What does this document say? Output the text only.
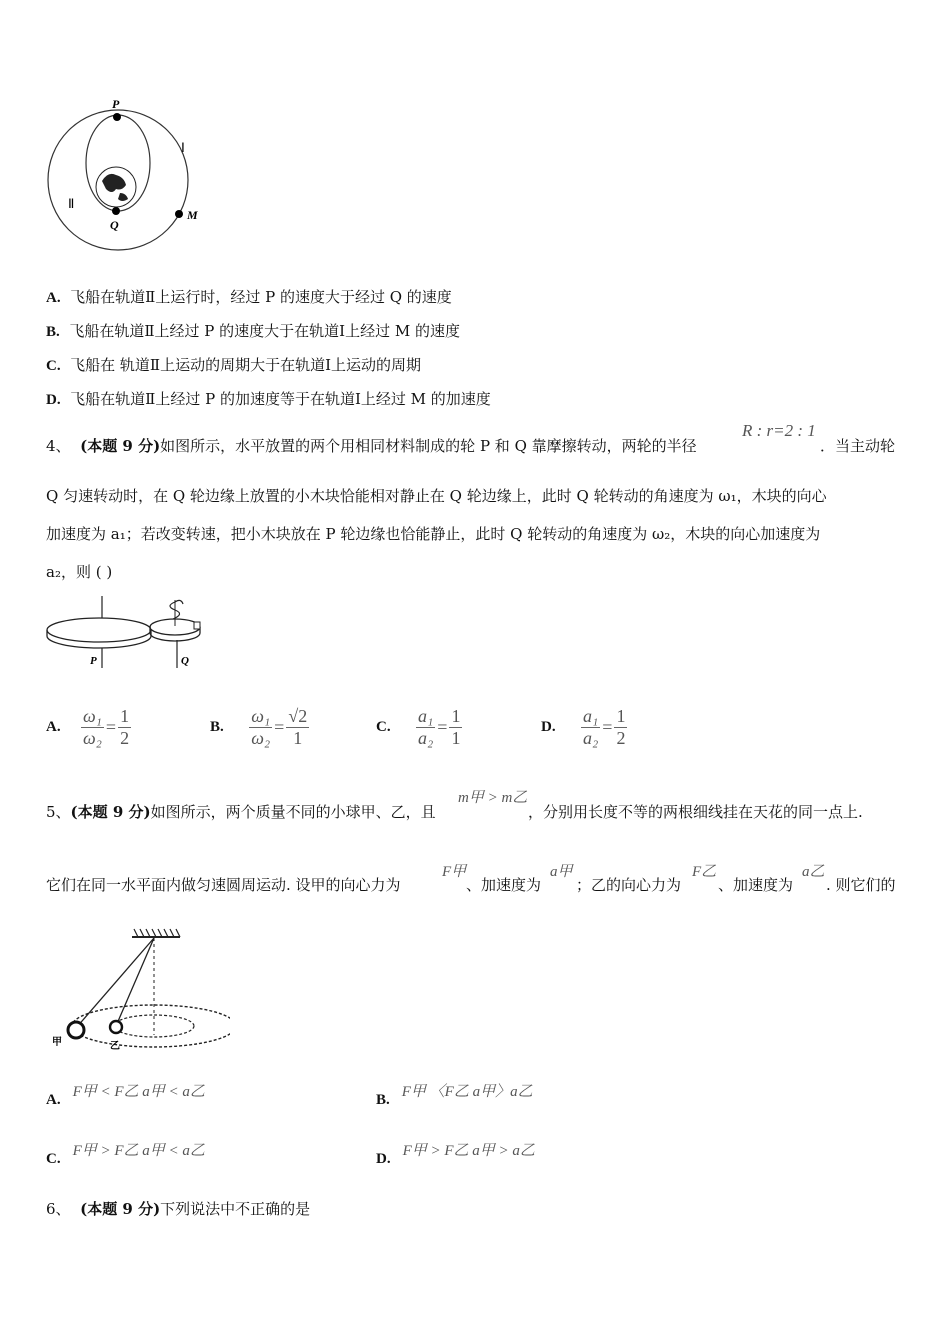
P
Q
M
Ⅰ
Ⅱ
A. 飞船在轨道Ⅱ上运行时，经过 P 的速度大于经过 Q 的速度
B. 飞船在轨道Ⅱ上经过 P 的速度大于在轨道Ⅰ上经过 M 的速度
C. 飞船在 轨道Ⅱ上运动的周期大于在轨道Ⅰ上运动的周期
D. 飞船在轨道Ⅱ上经过 P 的加速度等于在轨道Ⅰ上经过 M 的加速度
4、 (本题 9 分)如图所示，水平放置的两个用相同材料制成的轮 P 和 Q 靠摩擦转动，两轮的半径
R : r=2 : 1
．当主动轮
Q 匀速转动时，在 Q 轮边缘上放置的小木块恰能相对静止在 Q 轮边缘上，此时 Q 轮转动的角速度为 ω₁，木块的向心
加速度为 a₁；若改变转速，把小木块放在 P 轮边缘也恰能静止，此时 Q 轮转动的角速度为 ω₂，木块的向心加速度为
a₂，则 ( )
P	Q
A.
$\frac{\text{ω₁}}{\text{ω₂}} = \frac{1}{2}$	B.
$\frac{\text{ω₁}}{\text{ω₂}} = \frac{√2}{1}$	C.
$\frac{\text{a₁}}{\text{a₂}} = \frac{1}{1}$	D.
$\frac{\text{a₁}}{\text{a₂}} = \frac{1}{2}$
5、(本题 9 分)如图所示，两个质量不同的小球甲、乙，且
m甲 > m乙
，分别用长度不等的两根细线挂在天花的同一点上.
它们在同一水平面内做匀速圆周运动. 设甲的向心力为
F甲
、加速度为
a甲
；乙的向心力为
F乙
、加速度为
a乙
. 则它们的
甲	乙
A. F甲 < F乙 a甲 < a乙	B. F甲 〈F乙 a甲〉a乙
C. F甲 > F乙 a甲 < a乙	D. F甲 > F乙 a甲 > a乙
6、 (本题 9 分)下列说法中不正确的是
